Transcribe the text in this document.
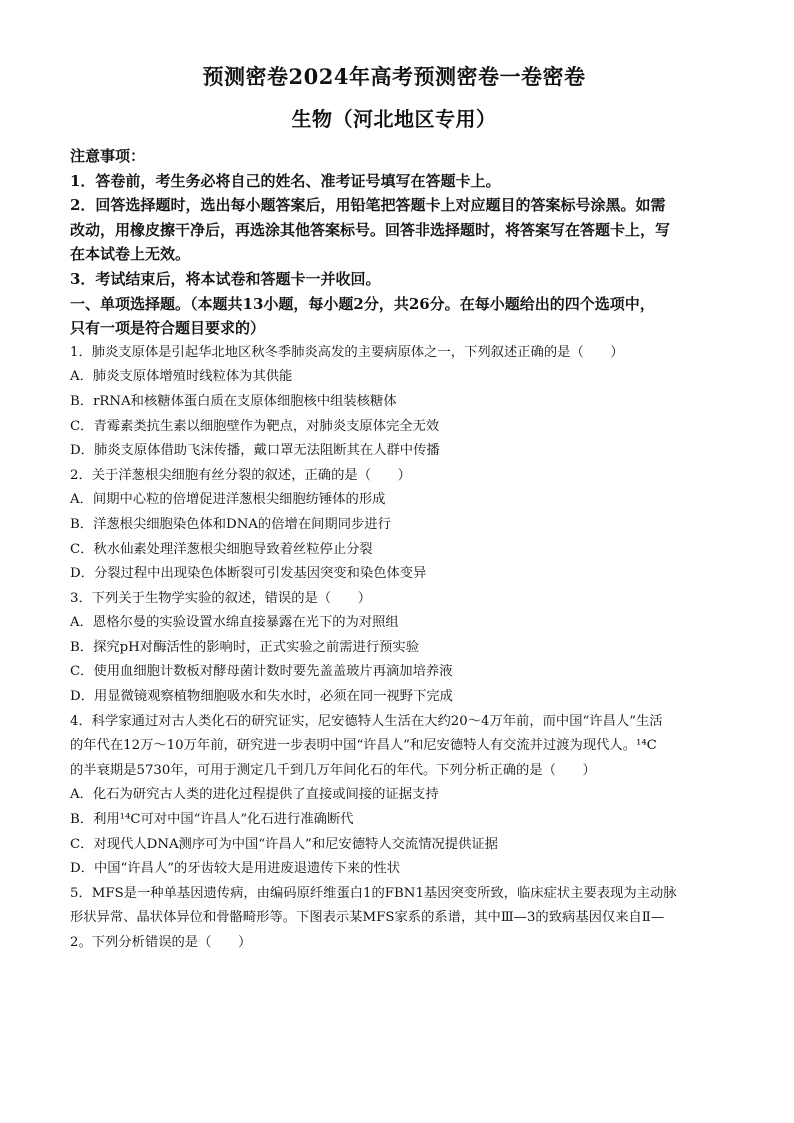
预测密卷2024年高考预测密卷一卷密卷
生物（河北地区专用）

注意事项：

1．答卷前，考生务必将自己的姓名、准考证号填写在答题卡上。

2．回答选择题时，选出每小题答案后，用铅笔把答题卡上对应题目的答案标号涂黑。如需

改动，用橡皮擦干净后，再选涂其他答案标号。回答非选择题时，将答案写在答题卡上，写

在本试卷上无效。

3．考试结束后，将本试卷和答题卡一并收回。

一、单项选择题。（本题共13小题，每小题2分，共26分。在每小题给出的四个选项中，

只有一项是符合题目要求的）

1．肺炎支原体是引起华北地区秋冬季肺炎高发的主要病原体之一，下列叙述正确的是（　　）

A．肺炎支原体增殖时线粒体为其供能

B．rRNA和核糖体蛋白质在支原体细胞核中组装核糖体

C．青霉素类抗生素以细胞壁作为靶点，对肺炎支原体完全无效

D．肺炎支原体借助飞沫传播，戴口罩无法阻断其在人群中传播

2．关于洋葱根尖细胞有丝分裂的叙述，正确的是（　　）

A．间期中心粒的倍增促进洋葱根尖细胞纺锤体的形成

B．洋葱根尖细胞染色体和DNA的倍增在间期同步进行

C．秋水仙素处理洋葱根尖细胞导致着丝粒停止分裂

D．分裂过程中出现染色体断裂可引发基因突变和染色体变异

3．下列关于生物学实验的叙述，错误的是（　　）

A．恩格尔曼的实验设置水绵直接暴露在光下的为对照组

B．探究pH对酶活性的影响时，正式实验之前需进行预实验

C．使用血细胞计数板对酵母菌计数时要先盖盖玻片再滴加培养液

D．用显微镜观察植物细胞吸水和失水时，必须在同一视野下完成

4．科学家通过对古人类化石的研究证实，尼安德特人生活在大约20～4万年前，而中国“许昌人”生活

的年代在12万～10万年前，研究进一步表明中国“许昌人”和尼安德特人有交流并过渡为现代人。¹⁴C

的半衰期是5730年，可用于测定几千到几万年间化石的年代。下列分析正确的是（　　）

A．化石为研究古人类的进化过程提供了直接或间接的证据支持

B．利用¹⁴C可对中国“许昌人”化石进行准确断代

C．对现代人DNA测序可为中国“许昌人”和尼安德特人交流情况提供证据

D．中国“许昌人”的牙齿较大是用进废退遗传下来的性状

5．MFS是一种单基因遗传病，由编码原纤维蛋白1的FBN1基因突变所致，临床症状主要表现为主动脉

形状异常、晶状体异位和骨骼畸形等。下图表示某MFS家系的系谱，其中Ⅲ—3的致病基因仅来自Ⅱ—

2。下列分析错误的是（　　）
